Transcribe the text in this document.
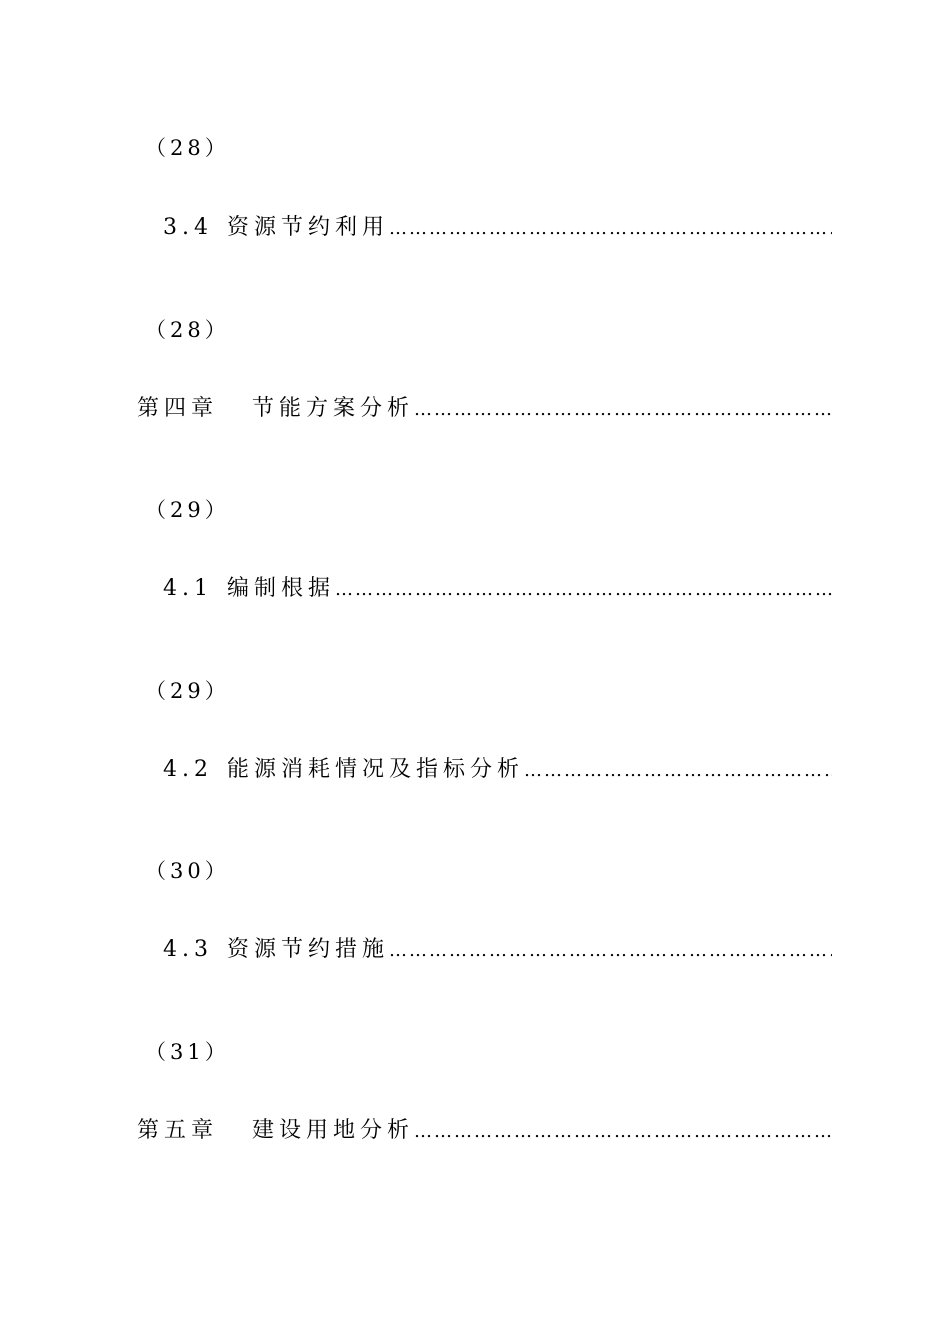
（28）
3.4 资源节约利用
…………………………………………………………………………………………………………………………………………
（28）
第四章 节能方案分析
…………………………………………………………………………………………………………………………………………
（29）
4.1 编制根据
…………………………………………………………………………………………………………………………………………
（29）
4.2 能源消耗情况及指标分析
…………………………………………………………………………………………………………………………………………
（30）
4.3 资源节约措施
…………………………………………………………………………………………………………………………………………
（31）
第五章 建设用地分析
…………………………………………………………………………………………………………………………………………
